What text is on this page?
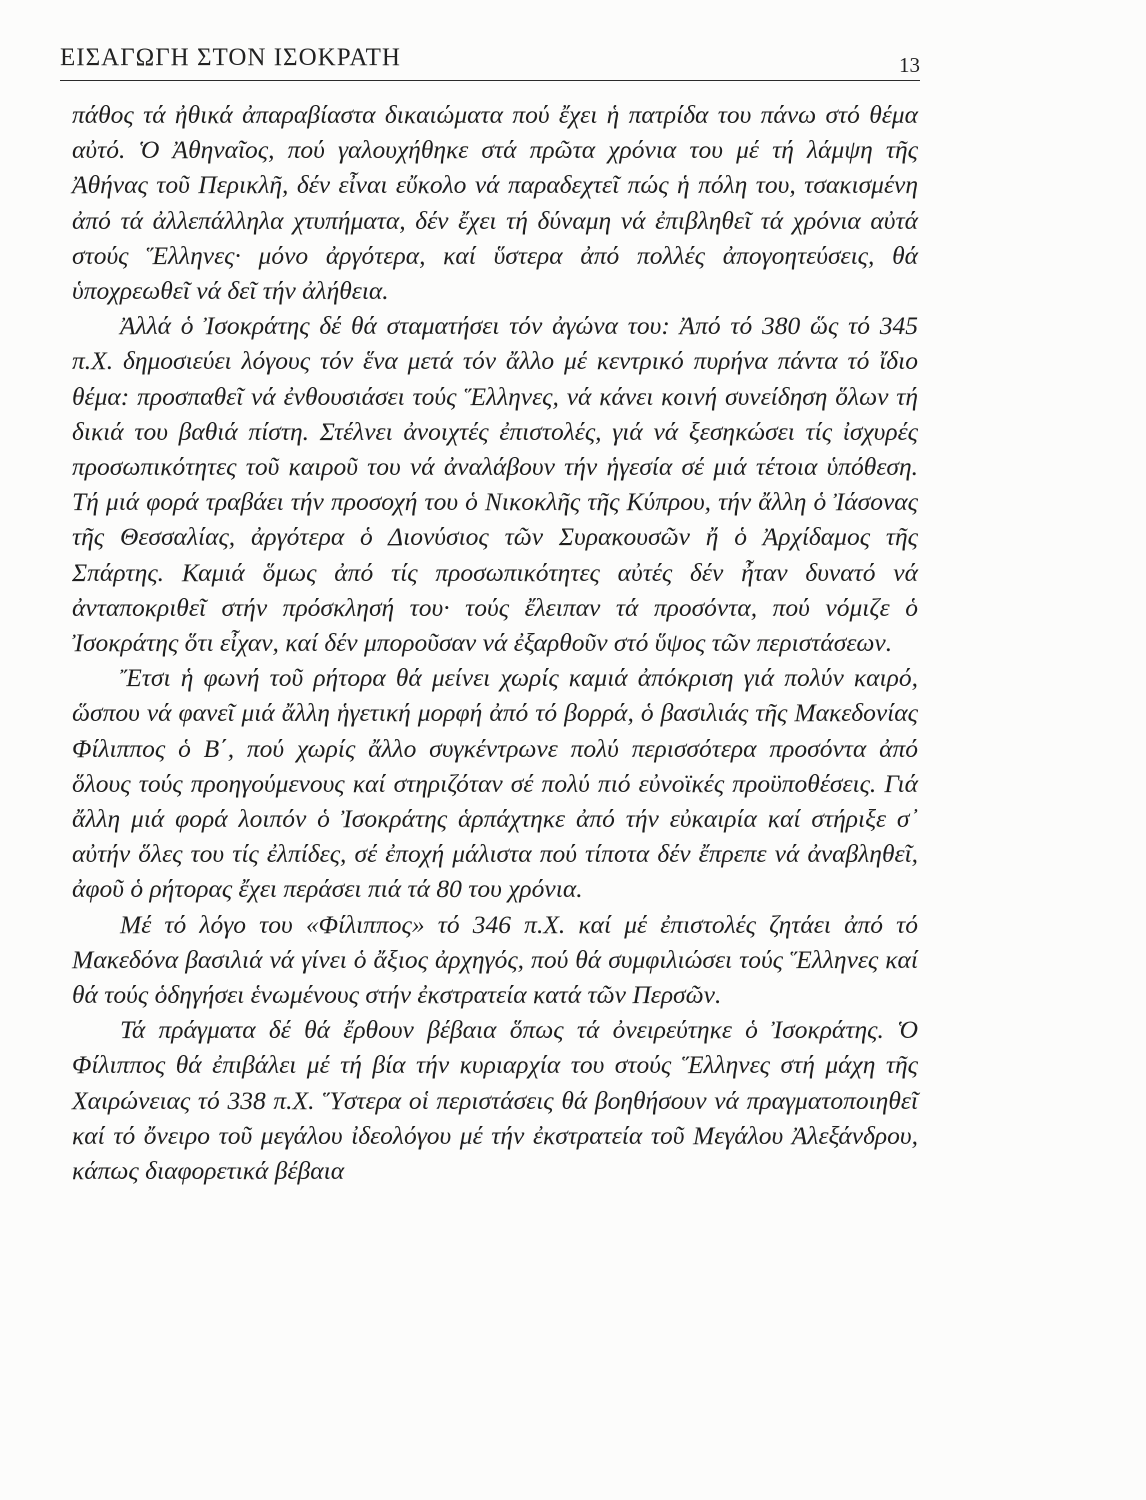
ΕΙΣΑΓΩΓΗ ΣΤΟΝ ΙΣΟΚΡΑΤΗ	13

πάθος τά ἠθικά ἀπαραβίαστα δικαιώματα πού ἔχει ἡ πατρίδα του πάνω στό θέμα αὐτό. Ὁ Ἀθηναῖος, πού γαλουχήθηκε στά πρῶτα χρόνια του μέ τή λάμψη τῆς Ἀθήνας τοῦ Περικλῆ, δέν εἶναι εὔκολο νά παραδεχτεῖ πώς ἡ πόλη του, τσακισμένη ἀπό τά ἀλλεπάλληλα χτυπήματα, δέν ἔχει τή δύναμη νά ἐπιβληθεῖ τά χρόνια αὐτά στούς Ἕλληνες· μόνο ἀργότερα, καί ὕστερα ἀπό πολλές ἀπογοητεύσεις, θά ὑποχρεωθεῖ νά δεῖ τήν ἀλήθεια.

Ἀλλά ὁ Ἰσοκράτης δέ θά σταματήσει τόν ἀγώνα του: Ἀπό τό 380 ὥς τό 345 π.Χ. δημοσιεύει λόγους τόν ἕνα μετά τόν ἄλλο μέ κεντρικό πυρήνα πάντα τό ἴδιο θέμα: προσπαθεῖ νά ἐνθουσιάσει τούς Ἕλληνες, νά κάνει κοινή συνείδηση ὅλων τή δικιά του βαθιά πίστη. Στέλνει ἀνοιχτές ἐπιστολές, γιά νά ξεσηκώσει τίς ἰσχυρές προσωπικότητες τοῦ καιροῦ του νά ἀναλάβουν τήν ἡγεσία σέ μιά τέτοια ὑπόθεση. Τή μιά φορά τραβάει τήν προσοχή του ὁ Νικοκλῆς τῆς Κύπρου, τήν ἄλλη ὁ Ἰάσονας τῆς Θεσσαλίας, ἀργότερα ὁ Διονύσιος τῶν Συρακουσῶν ἤ ὁ Ἀρχίδαμος τῆς Σπάρτης. Καμιά ὅμως ἀπό τίς προσωπικότητες αὐτές δέν ἦταν δυνατό νά ἀνταποκριθεῖ στήν πρόσκλησή του· τούς ἔλειπαν τά προσόντα, πού νόμιζε ὁ Ἰσοκράτης ὅτι εἶχαν, καί δέν μποροῦσαν νά ἐξαρθοῦν στό ὕψος τῶν περιστάσεων.

Ἔτσι ἡ φωνή τοῦ ρήτορα θά μείνει χωρίς καμιά ἀπόκριση γιά πολύν καιρό, ὥσπου νά φανεῖ μιά ἄλλη ἡγετική μορφή ἀπό τό βορρά, ὁ βασιλιάς τῆς Μακεδονίας Φίλιππος ὁ Β΄, πού χωρίς ἄλλο συγκέντρωνε πολύ περισσότερα προσόντα ἀπό ὅλους τούς προηγούμενους καί στηριζόταν σέ πολύ πιό εὐνοϊκές προϋποθέσεις. Γιά ἄλλη μιά φορά λοιπόν ὁ Ἰσοκράτης ἁρπάχτηκε ἀπό τήν εὐκαιρία καί στήριξε σ᾽ αὐτήν ὅλες του τίς ἐλπίδες, σέ ἐποχή μάλιστα πού τίποτα δέν ἔπρεπε νά ἀναβληθεῖ, ἀφοῦ ὁ ρήτορας ἔχει περάσει πιά τά 80 του χρόνια.

Μέ τό λόγο του «Φίλιππος» τό 346 π.Χ. καί μέ ἐπιστολές ζητάει ἀπό τό Μακεδόνα βασιλιά νά γίνει ὁ ἄξιος ἀρχηγός, πού θά συμφιλιώσει τούς Ἕλληνες καί θά τούς ὁδηγήσει ἑνωμένους στήν ἐκστρατεία κατά τῶν Περσῶν.

Τά πράγματα δέ θά ἔρθουν βέβαια ὅπως τά ὀνειρεύτηκε ὁ Ἰσοκράτης. Ὁ Φίλιππος θά ἐπιβάλει μέ τή βία τήν κυριαρχία του στούς Ἕλληνες στή μάχη τῆς Χαιρώνειας τό 338 π.Χ. Ὕστερα οἱ περιστάσεις θά βοηθήσουν νά πραγματοποιηθεῖ καί τό ὄνειρο τοῦ μεγάλου ἰδεολόγου μέ τήν ἐκστρατεία τοῦ Μεγάλου Ἀλεξάνδρου, κάπως διαφορετικά βέβαια
